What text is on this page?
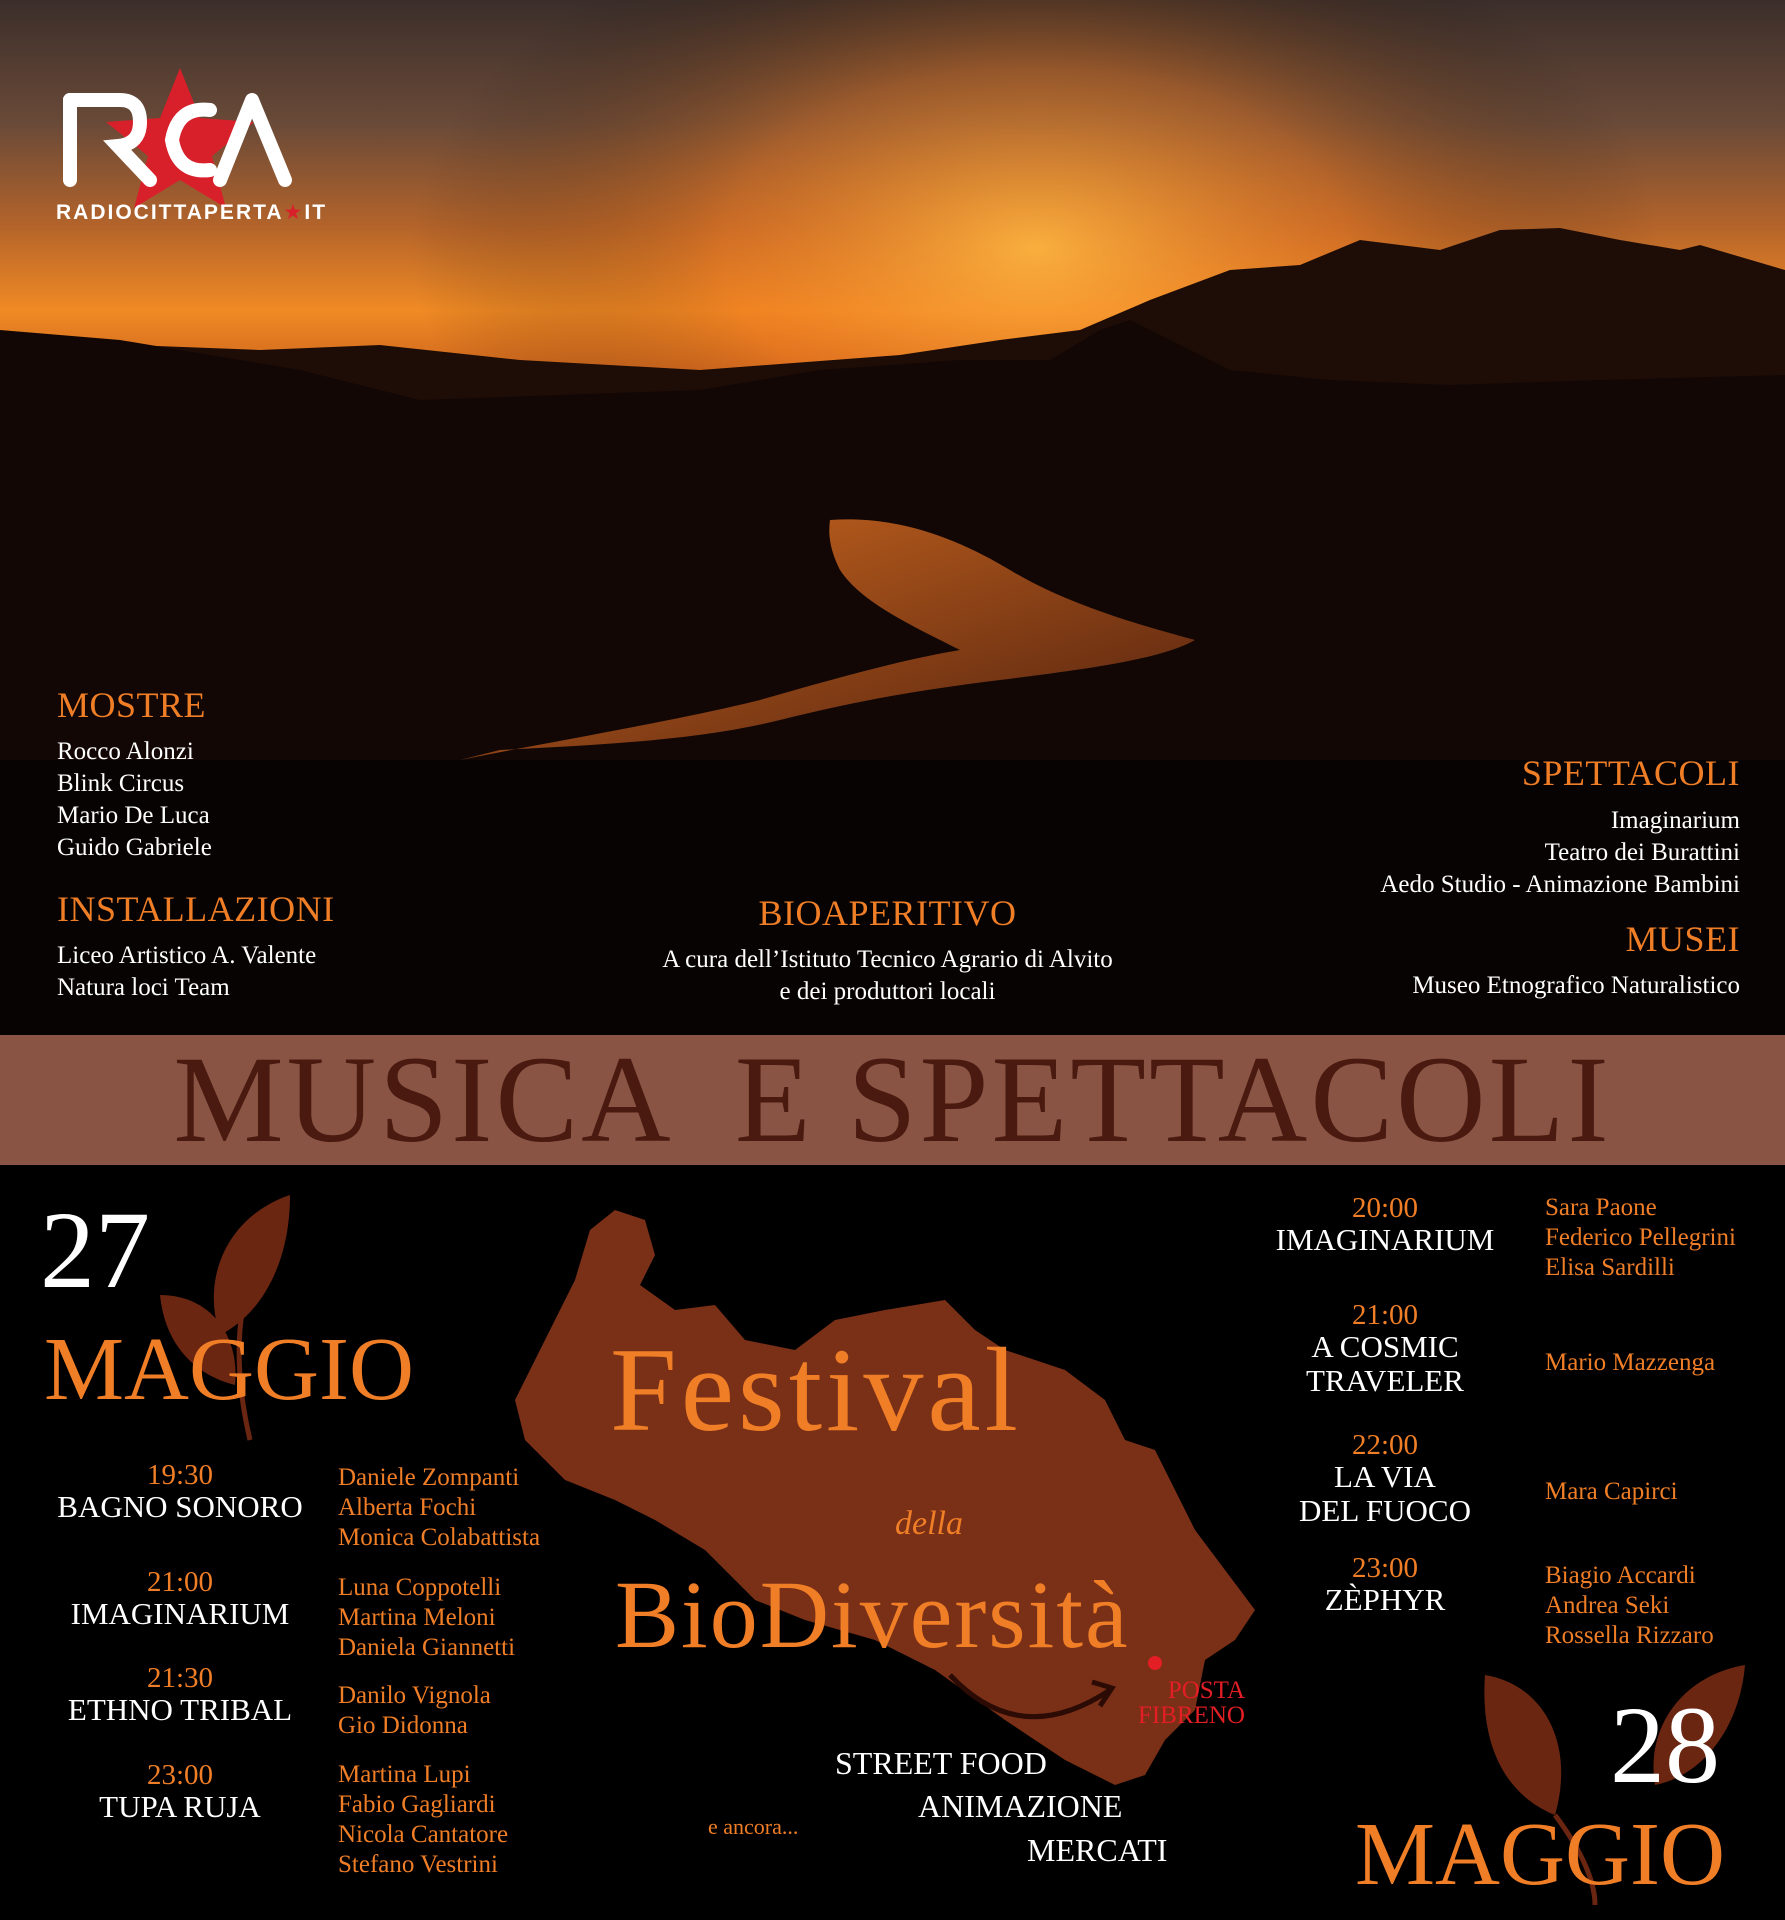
RADIOCITTAPERTA★IT
MOSTRE
Rocco Alonzi
Blink Circus
Mario De Luca
Guido Gabriele
INSTALLAZIONI
Liceo Artistico A. Valente
Natura loci Team
BIOAPERITIVO
A cura dell’Istituto Tecnico Agrario di Alvito
e dei produttori locali
SPETTACOLI
Imaginarium
Teatro dei Burattini
Aedo Studio - Animazione Bambini
MUSEI
Museo Etnografico Naturalistico
MUSICA  E SPETTACOLI
Festival
della
BioDiversità
POSTA
FIBRENO
STREET FOOD
ANIMAZIONE
MERCATI
e ancora...
27
MAGGIO
19:30
BAGNO SONORO
Daniele Zompanti
Alberta Fochi
Monica Colabattista
21:00
IMAGINARIUM
Luna Coppotelli
Martina Meloni
Daniela Giannetti
21:30
ETHNO TRIBAL	Danilo Vignola
Gio Didonna
23:00
TUPA RUJA
Martina Lupi
Fabio Gagliardi
Nicola Cantatore
Stefano Vestrini
20:00
IMAGINARIUM
Sara Paone
Federico Pellegrini
Elisa Sardilli
21:00
A COSMIC
TRAVELER
Mario Mazzenga
22:00
LA VIA
DEL FUOCO
Mara Capirci
23:00
ZÈPHYR
Biagio Accardi
Andrea Seki
Rossella Rizzaro
28
MAGGIO
